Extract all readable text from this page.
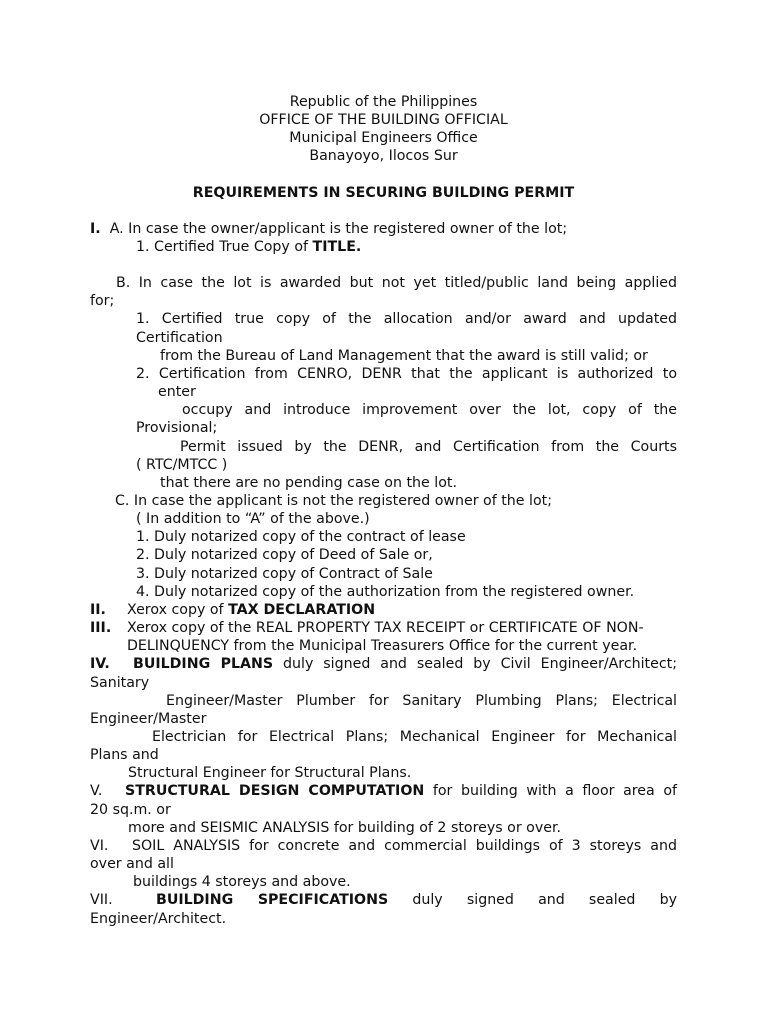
Republic of the Philippines

OFFICE OF THE BUILDING OFFICIAL

Municipal Engineers Office

Banayoyo, Ilocos Sur

REQUIREMENTS IN SECURING BUILDING PERMIT

I. A. In case the owner/applicant is the registered owner of the lot;

1. Certified True Copy of TITLE.

B. In case the lot is awarded but not yet titled/public land being applied

for;

1. Certified true copy of the allocation and/or award and updated

Certification

from the Bureau of Land Management that the award is still valid; or

2. Certification from CENRO, DENR that the applicant is authorized to

enter

occupy and introduce improvement over the lot, copy of the

Provisional;

Permit issued by the DENR, and Certification from the Courts

( RTC/MTCC )

that there are no pending case on the lot.

C. In case the applicant is not the registered owner of the lot;

( In addition to “A” of the above.)

1. Duly notarized copy of the contract of lease

2. Duly notarized copy of Deed of Sale or,

3. Duly notarized copy of Contract of Sale

4. Duly notarized copy of the authorization from the registered owner.

II. Xerox copy of TAX DECLARATION

III. Xerox copy of the REAL PROPERTY TAX RECEIPT or CERTIFICATE OF NON-

DELINQUENCY from the Municipal Treasurers Office for the current year.

IV. BUILDING PLANS duly signed and sealed by Civil Engineer/Architect;

Sanitary

Engineer/Master Plumber for Sanitary Plumbing Plans; Electrical

Engineer/Master

Electrician for Electrical Plans; Mechanical Engineer for Mechanical

Plans and

Structural Engineer for Structural Plans.

V. STRUCTURAL DESIGN COMPUTATION for building with a floor area of

20 sq.m. or

more and SEISMIC ANALYSIS for building of 2 storeys or over.

VI. SOIL ANALYSIS for concrete and commercial buildings of 3 storeys and

over and all

buildings 4 storeys and above.

VII.	BUILDING SPECIFICATIONS duly signed and sealed by

Engineer/Architect.
